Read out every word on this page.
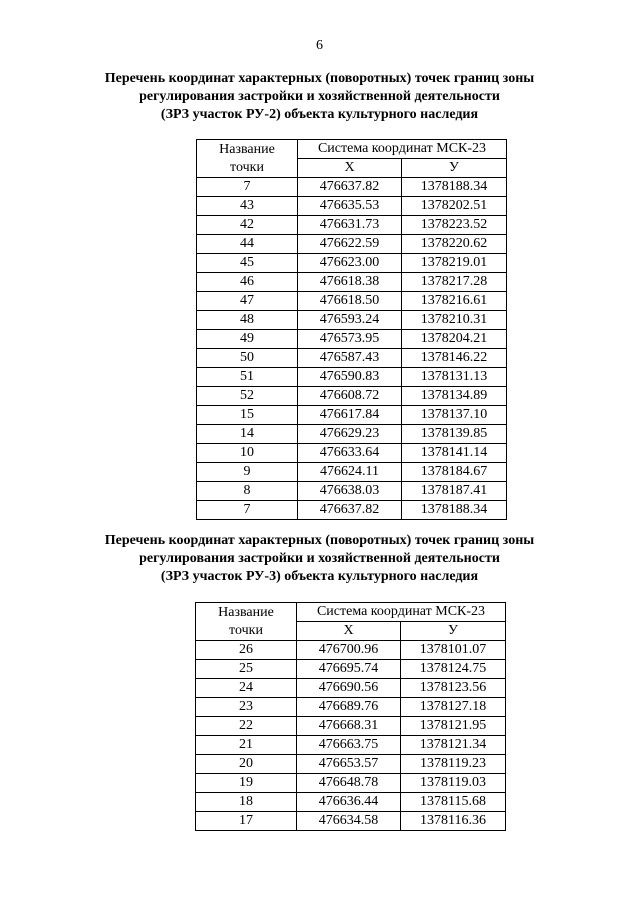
6
Перечень координат характерных (поворотных) точек границ зоны
регулирования застройки и хозяйственной деятельности
(ЗРЗ участок РУ-2) объекта культурного наследия
Название
точки	Система координат МСК-23	
	Х	У
7	476637.82	1378188.34
43	476635.53	1378202.51
42	476631.73	1378223.52
44	476622.59	1378220.62
45	476623.00	1378219.01
46	476618.38	1378217.28
47	476618.50	1378216.61
48	476593.24	1378210.31
49	476573.95	1378204.21
50	476587.43	1378146.22
51	476590.83	1378131.13
52	476608.72	1378134.89
15	476617.84	1378137.10
14	476629.23	1378139.85
10	476633.64	1378141.14
9	476624.11	1378184.67
8	476638.03	1378187.41
7	476637.82	1378188.34
Перечень координат характерных (поворотных) точек границ зоны
регулирования застройки и хозяйственной деятельности
(ЗРЗ участок РУ-3) объекта культурного наследия
Название
точки	Система координат МСК-23	
	Х	У
26	476700.96	1378101.07
25	476695.74	1378124.75
24	476690.56	1378123.56
23	476689.76	1378127.18
22	476668.31	1378121.95
21	476663.75	1378121.34
20	476653.57	1378119.23
19	476648.78	1378119.03
18	476636.44	1378115.68
17	476634.58	1378116.36
